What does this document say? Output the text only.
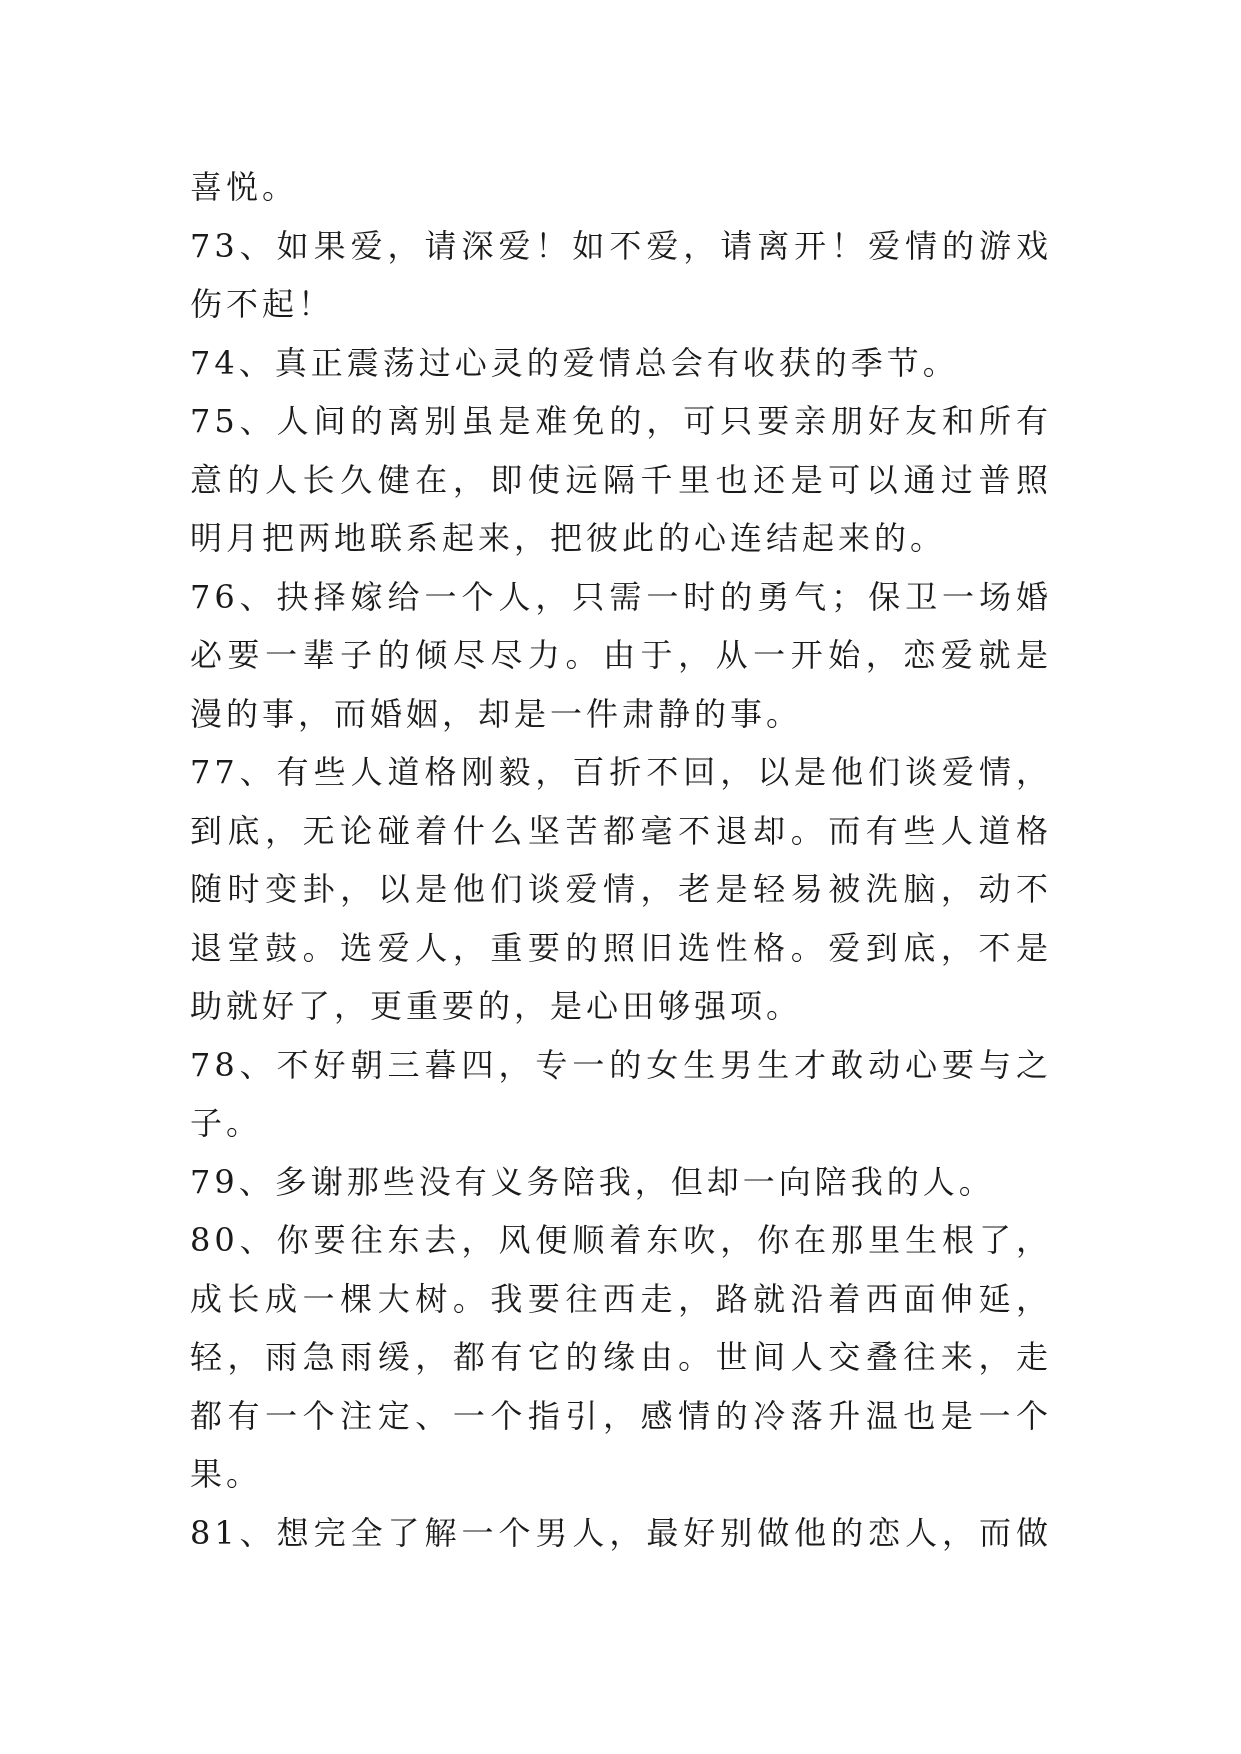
喜悦。
73、如果爱，请深爱！如不爱，请离开！爱情的游戏
伤不起！
74、真正震荡过心灵的爱情总会有收获的季节。
75、人间的离别虽是难免的，可只要亲朋好友和所有
意的人长久健在，即使远隔千里也还是可以通过普照
明月把两地联系起来，把彼此的心连结起来的。
76、抉择嫁给一个人，只需一时的勇气；保卫一场婚
必要一辈子的倾尽尽力。由于，从一开始，恋爱就是
漫的事，而婚姻，却是一件肃静的事。
77、有些人道格刚毅，百折不回，以是他们谈爱情，
到底，无论碰着什么坚苦都毫不退却。而有些人道格
随时变卦，以是他们谈爱情，老是轻易被洗脑，动不
退堂鼓。选爱人，重要的照旧选性格。爱到底，不是
助就好了，更重要的，是心田够强项。
78、不好朝三暮四，专一的女生男生才敢动心要与之
子。
79、多谢那些没有义务陪我，但却一向陪我的人。
80、你要往东去，风便顺着东吹，你在那里生根了，
成长成一棵大树。我要往西走，路就沿着西面伸延，
轻，雨急雨缓，都有它的缘由。世间人交叠往来，走
都有一个注定、一个指引，感情的冷落升温也是一个
果。
81、想完全了解一个男人，最好别做他的恋人，而做
